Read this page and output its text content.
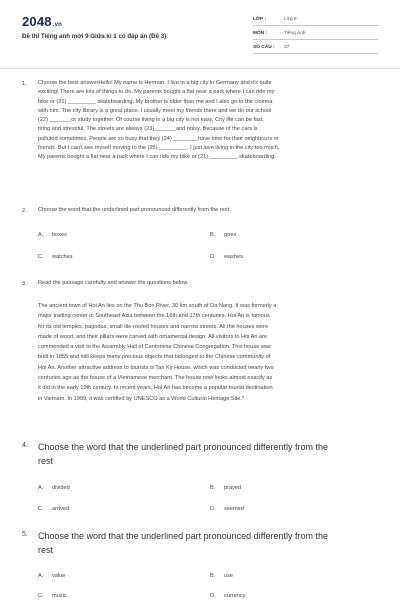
2048.vn
Đề thi Tiếng anh mới 9 Giữa kì 1 có đáp án (Đề 3)
LỚP :	Lớp 9
MÔN :	Tiếng Anh
SỐ CÂU : 37
1. Choose the best answerHello! My name is Herman. I live in a big city in Germany and it's quite
exciting! There are lots of things to do. My parents bought a flat near a park where I can ride my
bike or (21) _________ skateboarding. My brother is older than me and I also go to the cinema
with him. The city library is a great place. I usually meet my friends there and we do our school
(22) _______or study together. Of course living in a big city is not easy. City life can be fast,
tiring and stressful. The streets are always (23)_______and noisy. Because of the cars is
polluted sometimes. People are so busy that they (24) ________have time for their neighbours or
friends. But I can't see myself moving to the (25) _________. I just love living in the city too much.
My parents bought a flat near a park where I can ride my bike or (21) _________ skateboarding.
2. Choose the word that the underlined part pronounced differently from the rest
A. boxes	B. goes
C. watches	D. washes
3. Read the passage carefully and answer the questions below.
The ancient town of Hoi An lies on the Thu Bon River, 30 km south of Da Nang. It was formerly a
major trading center in Southeast Asia between the 16th and 17th centuries. Hoi An is famous
for its old temples, pagodas, small tile-roofed houses and narrow streets. All the houses were
made of wood, and their pillars were carved with ornamental design. All visitors to Hoi An are
commended a visit to the Assembly Hall of Cantonese Chinese Congregation. This house was
built in 1855 and still keeps many precious objects that belonged to the Chinese community of
Hoi An. Another attractive address to tourists is Tan Ky House, which was conducted nearly two
centuries ago as the house of a Vietnamese merchant. The house now looks almost exactly as
it did in the early 19th century. In recent years, Hoi An has become a popular tourist destination
in Vietnam. In 1999, it was certified by UNESCO as a World Cultural Heritage Site.*
4. Choose the word that the underlined part pronounced differently from the
rest
A. divided	B. prayed
C. arrived	D. seemed
5. Choose the word that the underlined part pronounced differently from the
rest
A. value	B. use
C. music	D. currency
